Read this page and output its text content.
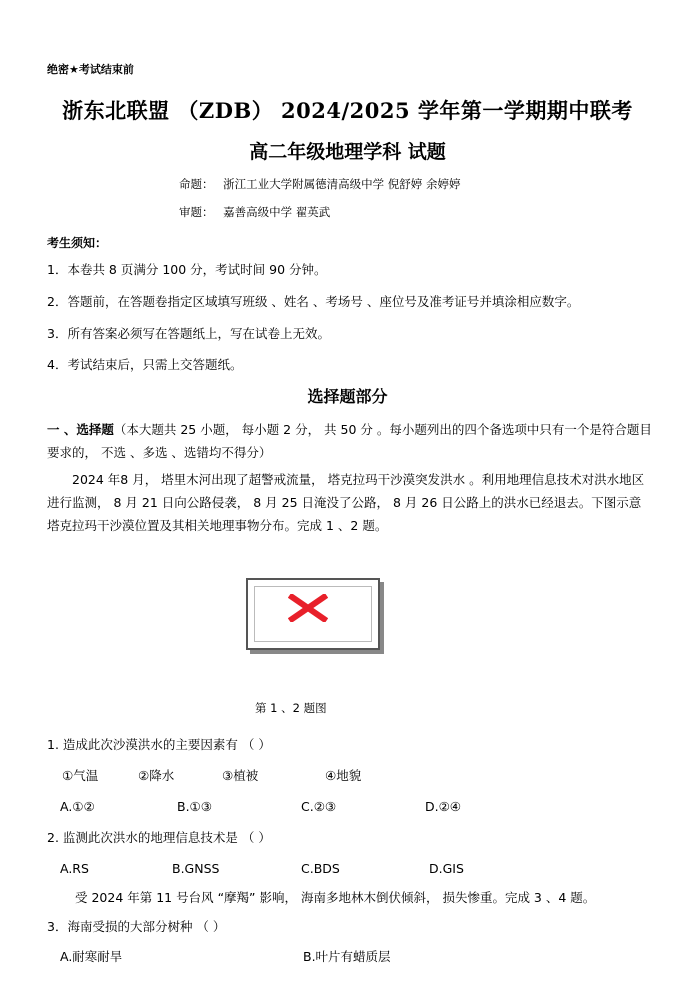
绝密★考试结束前
浙东北联盟 （ZDB） 2024/2025 学年第一学期期中联考
高二年级地理学科 试题
命题： 浙江工业大学附属德清高级中学 倪舒婷 余婷婷
审题： 嘉善高级中学 翟英武
考生须知：
1．本卷共 8 页满分 100 分，考试时间 90 分钟。
2．答题前，在答题卷指定区域填写班级 、姓名 、考场号 、座位号及准考证号并填涂相应数字。
3．所有答案必须写在答题纸上，写在试卷上无效。
4．考试结束后，只需上交答题纸。
选择题部分
一 、选择题（本大题共 25 小题， 每小题 2 分， 共 50 分 。每小题列出的四个备选项中只有一个是符合题目要求的， 不选 、多选 、选错均不得分）
2024 年8 月， 塔里木河出现了超警戒流量， 塔克拉玛干沙漠突发洪水 。利用地理信息技术对洪水地区进行监测， 8 月 21 日向公路侵袭， 8 月 25 日淹没了公路， 8 月 26 日公路上的洪水已经退去。下图示意塔克拉玛干沙漠位置及其相关地理事物分布。完成 1 、2 题。
第 1 、2 题图
1. 造成此次沙漠洪水的主要因素有 （ ）
①气温	②降水	③植被	④地貌
A.①②	B.①③	C.②③	D.②④
2. 监测此次洪水的地理信息技术是 （ ）
A.RS	B.GNSS	C.BDS	D.GIS
受 2024 年第 11 号台风 “摩羯” 影响， 海南多地林木倒伏倾斜， 损失惨重。完成 3 、4 题。
3．海南受损的大部分树种 （ ）
A.耐寒耐旱	B.叶片有蜡质层
